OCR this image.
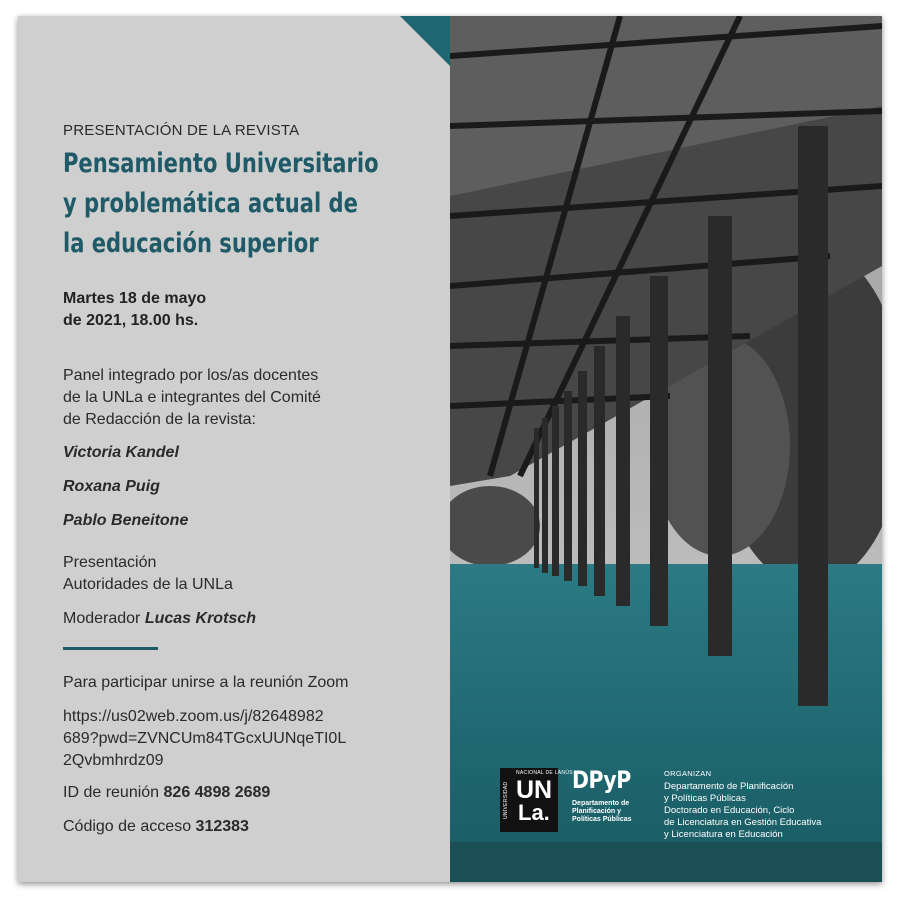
PRESENTACIÓN DE LA REVISTA
Pensamiento Universitario
y problemática actual de
la educación superior
Martes 18 de mayo
de 2021, 18.00 hs.
Panel integrado por los/as docentes
de la UNLa e integrantes del Comité
de Redacción de la revista:
Victoria Kandel
Roxana Puig
Pablo Beneitone
Presentación
Autoridades de la UNLa
Moderador Lucas Krotsch
Para participar unirse a la reunión Zoom
https://us02web.zoom.us/j/82648982
689?pwd=ZVNCUm84TGcxUUNqeTI0L
2Qvbmhrdz09
ID de reunión 826 4898 2689
Código de acceso 312383
UNIVERSIDAD
NACIONAL DE LANÚS
UN
La.
DPyP
Departamento de
Planificación y
Políticas Públicas
ORGANIZAN
Departamento de Planificación
y Políticas Públicas
Doctorado en Educación, Ciclo
de Licenciatura en Gestión Educativa
y Licenciatura en Educación
